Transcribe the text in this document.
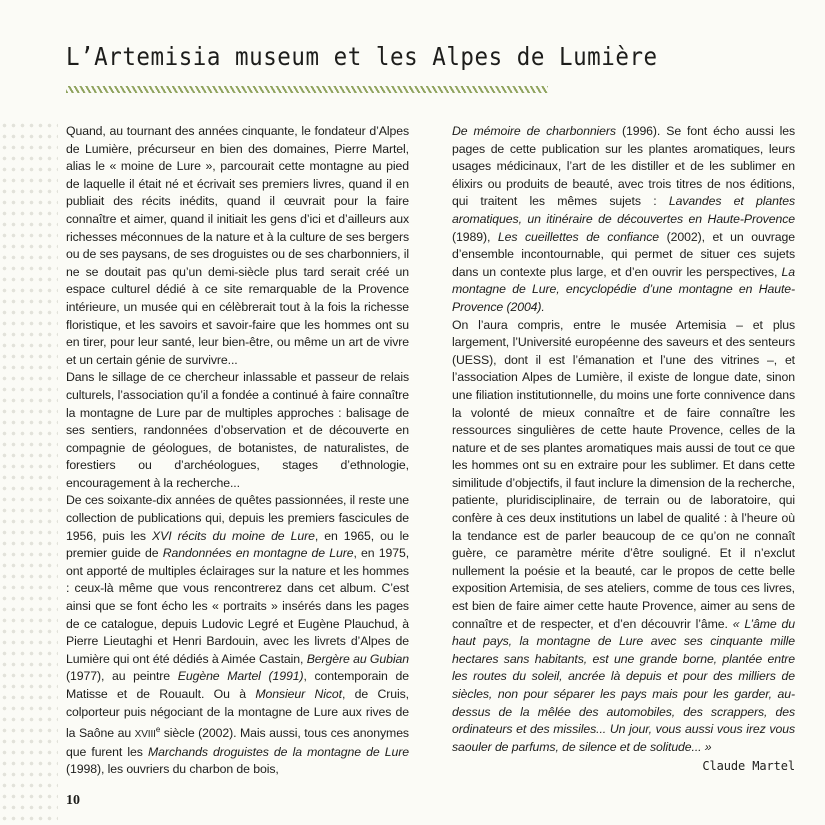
L’Artemisia museum et les Alpes de Lumière

Quand, au tournant des années cinquante, le fondateur d’Alpes de Lumière, précurseur en bien des domaines, Pierre Martel, alias le « moine de Lure », parcourait cette montagne au pied de laquelle il était né et écrivait ses premiers livres, quand il en publiait des récits inédits, quand il œuvrait pour la faire connaître et aimer, quand il initiait les gens d’ici et d’ailleurs aux richesses méconnues de la nature et à la culture de ses bergers ou de ses paysans, de ses droguistes ou de ses charbonniers, il ne se doutait pas qu’un demi-siècle plus tard serait créé un espace culturel dédié à ce site remarquable de la Provence intérieure, un musée qui en célèbrerait tout à la fois la richesse floristique, et les savoirs et savoir-faire que les hommes ont su en tirer, pour leur santé, leur bien-être, ou même un art de vivre et un certain génie de survivre...

Dans le sillage de ce chercheur inlassable et passeur de relais culturels, l’association qu’il a fondée a continué à faire connaître la montagne de Lure par de multiples approches : balisage de ses sentiers, randonnées d’observation et de découverte en compagnie de géologues, de botanistes, de naturalistes, de forestiers ou d’archéologues, stages d’ethnologie, encouragement à la recherche...

De ces soixante-dix années de quêtes passionnées, il reste une collection de publications qui, depuis les premiers fascicules de 1956, puis les XVI récits du moine de Lure, en 1965, ou le premier guide de Randonnées en montagne de Lure, en 1975, ont apporté de multiples éclairages sur la nature et les hommes : ceux-là même que vous rencontrerez dans cet album. C’est ainsi que se font écho les « portraits » insérés dans les pages de ce catalogue, depuis Ludovic Legré et Eugène Plauchud, à Pierre Lieutaghi et Henri Bardouin, avec les livrets d’Alpes de Lumière qui ont été dédiés à Aimée Castain, Bergère au Gubian (1977), au peintre Eugène Martel (1991), contemporain de Matisse et de Rouault. Ou à Monsieur Nicot, de Cruis, colporteur puis négociant de la montagne de Lure aux rives de la Saône au XVIIIe siècle (2002). Mais aussi, tous ces anonymes que furent les Marchands droguistes de la montagne de Lure (1998), les ouvriers du charbon de bois,

De mémoire de charbonniers (1996). Se font écho aussi les pages de cette publication sur les plantes aromatiques, leurs usages médicinaux, l’art de les distiller et de les sublimer en élixirs ou produits de beauté, avec trois titres de nos éditions, qui traitent les mêmes sujets : Lavandes et plantes aromatiques, un itinéraire de découvertes en Haute-Provence (1989), Les cueillettes de confiance (2002), et un ouvrage d’ensemble incontournable, qui permet de situer ces sujets dans un contexte plus large, et d’en ouvrir les perspectives, La montagne de Lure, encyclopédie d’une montagne en Haute-Provence (2004).

On l’aura compris, entre le musée Artemisia – et plus largement, l’Université européenne des saveurs et des senteurs (UESS), dont il est l’émanation et l’une des vitrines –, et l’association Alpes de Lumière, il existe de longue date, sinon une filiation institutionnelle, du moins une forte connivence dans la volonté de mieux connaître et de faire connaître les ressources singulières de cette haute Provence, celles de la nature et de ses plantes aromatiques mais aussi de tout ce que les hommes ont su en extraire pour les sublimer. Et dans cette similitude d’objectifs, il faut inclure la dimension de la recherche, patiente, pluridisciplinaire, de terrain ou de laboratoire, qui confère à ces deux institutions un label de qualité : à l’heure où la tendance est de parler beaucoup de ce qu’on ne connaît guère, ce paramètre mérite d’être souligné. Et il n’exclut nullement la poésie et la beauté, car le propos de cette belle exposition Artemisia, de ses ateliers, comme de tous ces livres, est bien de faire aimer cette haute Provence, aimer au sens de connaître et de respecter, et d’en découvrir l’âme. « L’âme du haut pays, la montagne de Lure avec ses cinquante mille hectares sans habitants, est une grande borne, plantée entre les routes du soleil, ancrée là depuis et pour des milliers de siècles, non pour séparer les pays mais pour les garder, au-dessus de la mêlée des automobiles, des scrappers, des ordinateurs et des missiles... Un jour, vous aussi vous irez vous saouler de parfums, de silence et de solitude... »

Claude Martel
10
